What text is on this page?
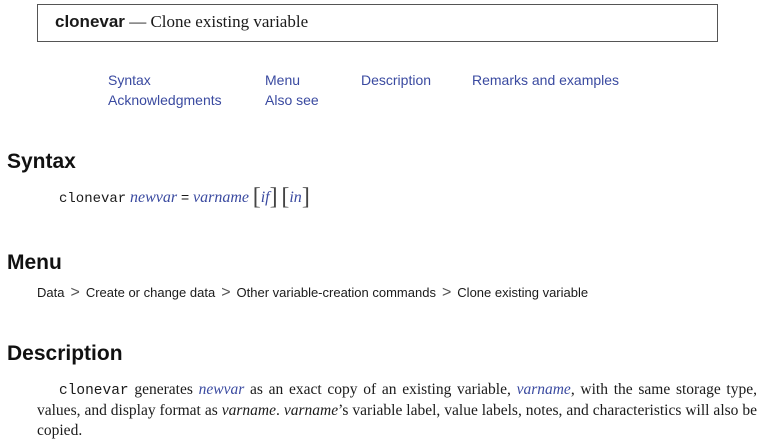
clonevar — Clone existing variable
Syntax	Menu	Description	Remarks and examples
Acknowledgments	Also see
Syntax
clonevar newvar = varname [if] [in]
Menu
Data > Create or change data > Other variable-creation commands > Clone existing variable
Description

clonevar generates newvar as an exact copy of an existing variable, varname, with the same storage type, values, and display format as varname. varname’s variable label, value labels, notes, and characteristics will also be copied.
